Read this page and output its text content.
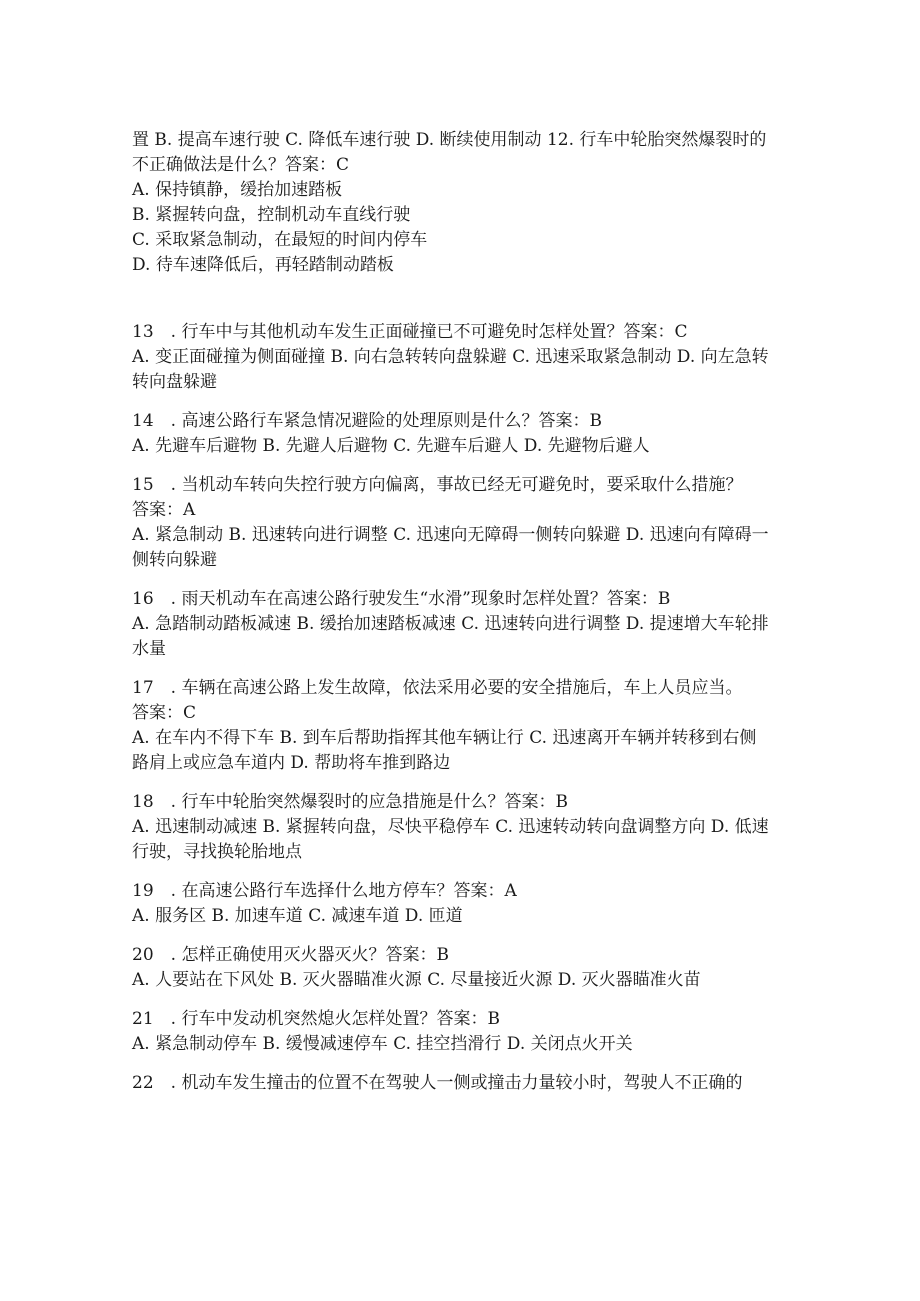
置 B. 提高车速行驶 C. 降低车速行驶 D. 断续使用制动 12. 行车中轮胎突然爆裂时的

不正确做法是什么？答案：C

A. 保持镇静，缓抬加速踏板

B. 紧握转向盘，控制机动车直线行驶

C. 采取紧急制动，在最短的时间内停车

D. 待车速降低后，再轻踏制动踏板

13　. 行车中与其他机动车发生正面碰撞已不可避免时怎样处置？答案：C

A. 变正面碰撞为侧面碰撞 B. 向右急转转向盘躲避 C. 迅速采取紧急制动 D. 向左急转

转向盘躲避

14　. 高速公路行车紧急情况避险的处理原则是什么？答案：B

A. 先避车后避物 B. 先避人后避物 C. 先避车后避人 D. 先避物后避人

15　. 当机动车转向失控行驶方向偏离，事故已经无可避免时，要采取什么措施？

答案：A

A. 紧急制动 B. 迅速转向进行调整 C. 迅速向无障碍一侧转向躲避 D. 迅速向有障碍一

侧转向躲避

16　. 雨天机动车在高速公路行驶发生“水滑”现象时怎样处置？答案：B

A. 急踏制动踏板减速 B. 缓抬加速踏板减速 C. 迅速转向进行调整 D. 提速增大车轮排

水量

17　. 车辆在高速公路上发生故障，依法采用必要的安全措施后，车上人员应当。

答案：C

A. 在车内不得下车 B. 到车后帮助指挥其他车辆让行 C. 迅速离开车辆并转移到右侧

路肩上或应急车道内 D. 帮助将车推到路边

18　. 行车中轮胎突然爆裂时的应急措施是什么？答案：B

A. 迅速制动减速 B. 紧握转向盘，尽快平稳停车 C. 迅速转动转向盘调整方向 D. 低速

行驶，寻找换轮胎地点

19　. 在高速公路行车选择什么地方停车？答案：A

A. 服务区 B. 加速车道 C. 减速车道 D. 匝道

20　. 怎样正确使用灭火器灭火？答案：B

A. 人要站在下风处 B. 灭火器瞄准火源 C. 尽量接近火源 D. 灭火器瞄准火苗

21　. 行车中发动机突然熄火怎样处置？答案：B

A. 紧急制动停车 B. 缓慢减速停车 C. 挂空挡滑行 D. 关闭点火开关

22　. 机动车发生撞击的位置不在驾驶人一侧或撞击力量较小时，驾驶人不正确的
